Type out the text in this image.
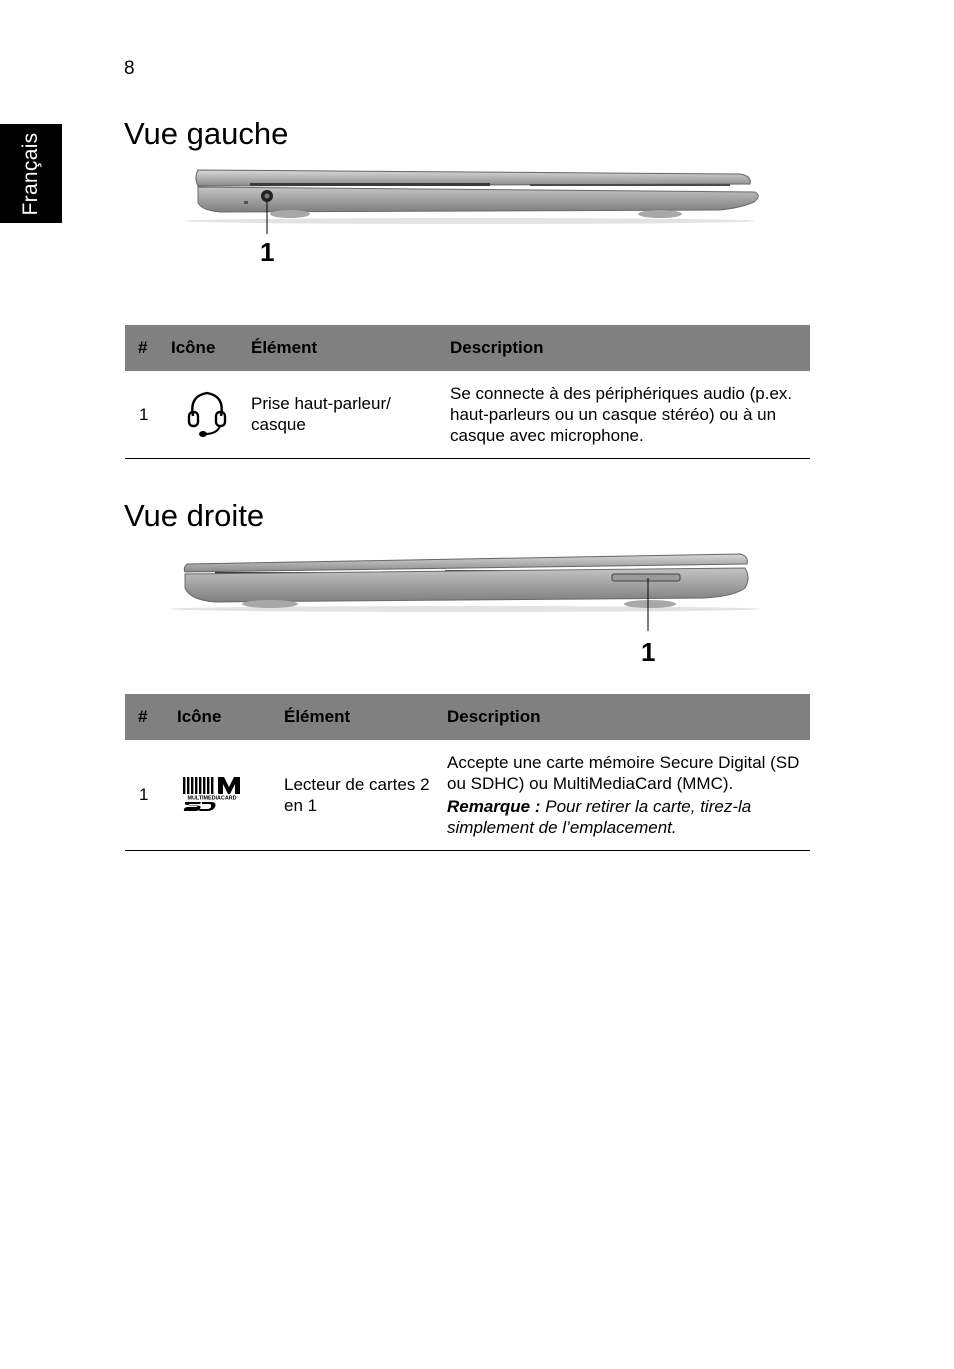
8
Français	Vue gauche
1
#	Icône	Élément	Description
1		Prise haut-parleur/ casque	Se connecte à des périphériques audio (p.ex. haut-parleurs ou un casque stéréo) ou à un casque avec microphone.
Vue droite
1
#	Icône	Élément	Description
1	MULTIMEDIACARD	Lecteur de cartes 2 en 1	Accepte une carte mémoire Secure Digital (SD ou SDHC) ou MultiMediaCard (MMC).
Remarque : Pour retirer la carte, tirez-la simplement de l’emplacement.
